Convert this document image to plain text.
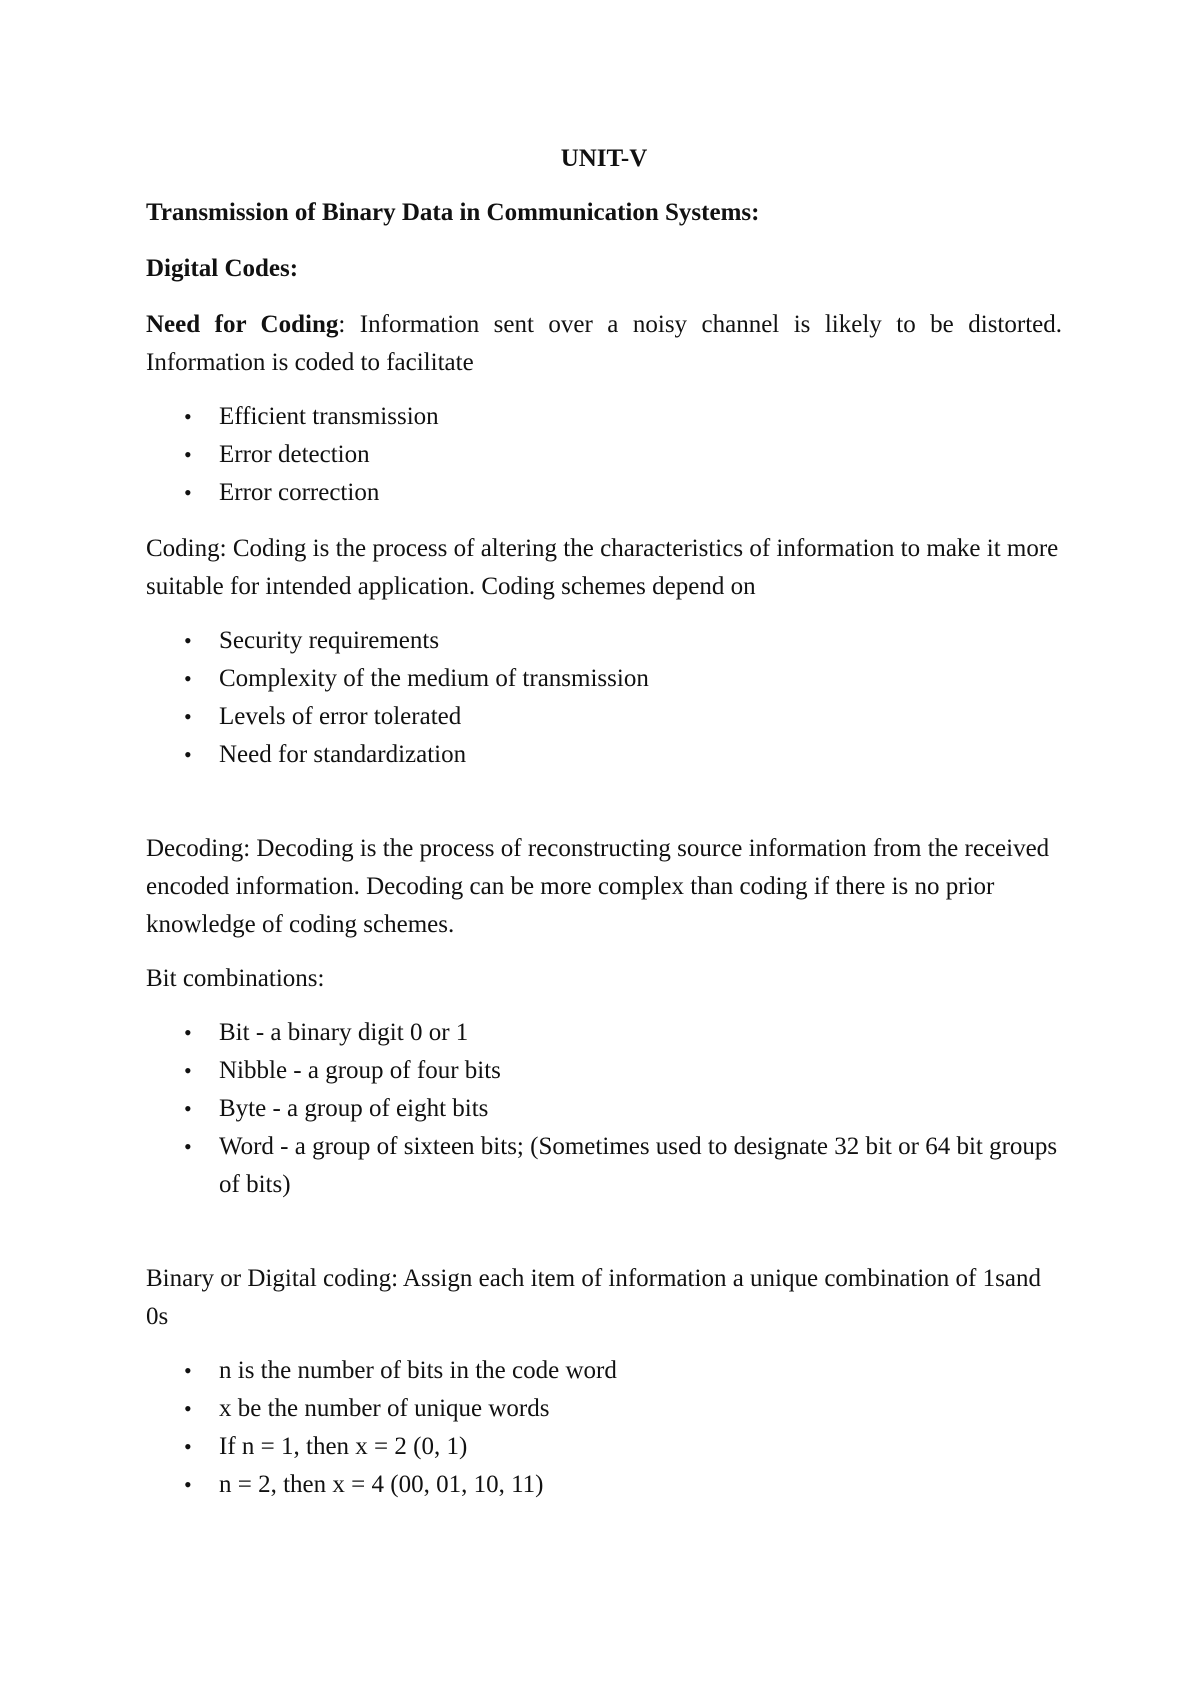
UNIT-V
Transmission of Binary Data in Communication Systems:
Digital Codes:
Need for Coding: Information sent over a noisy channel is likely to be distorted. Information is coded to facilitate
• Efficient transmission
• Error detection
• Error correction
Coding: Coding is the process of altering the characteristics of information to make it more suitable for intended application. Coding schemes depend on
• Security requirements
• Complexity of the medium of transmission
• Levels of error tolerated
• Need for standardization
Decoding: Decoding is the process of reconstructing source information from the received encoded information. Decoding can be more complex than coding if there is no prior knowledge of coding schemes.
Bit combinations:
• Bit - a binary digit 0 or 1
• Nibble - a group of four bits
• Byte - a group of eight bits
• Word - a group of sixteen bits; (Sometimes used to designate 32 bit or 64 bit groups of bits)
Binary or Digital coding: Assign each item of information a unique combination of 1sand 0s
• n is the number of bits in the code word
• x be the number of unique words
• If n = 1, then x = 2 (0, 1)
• n = 2, then x = 4 (00, 01, 10, 11)
